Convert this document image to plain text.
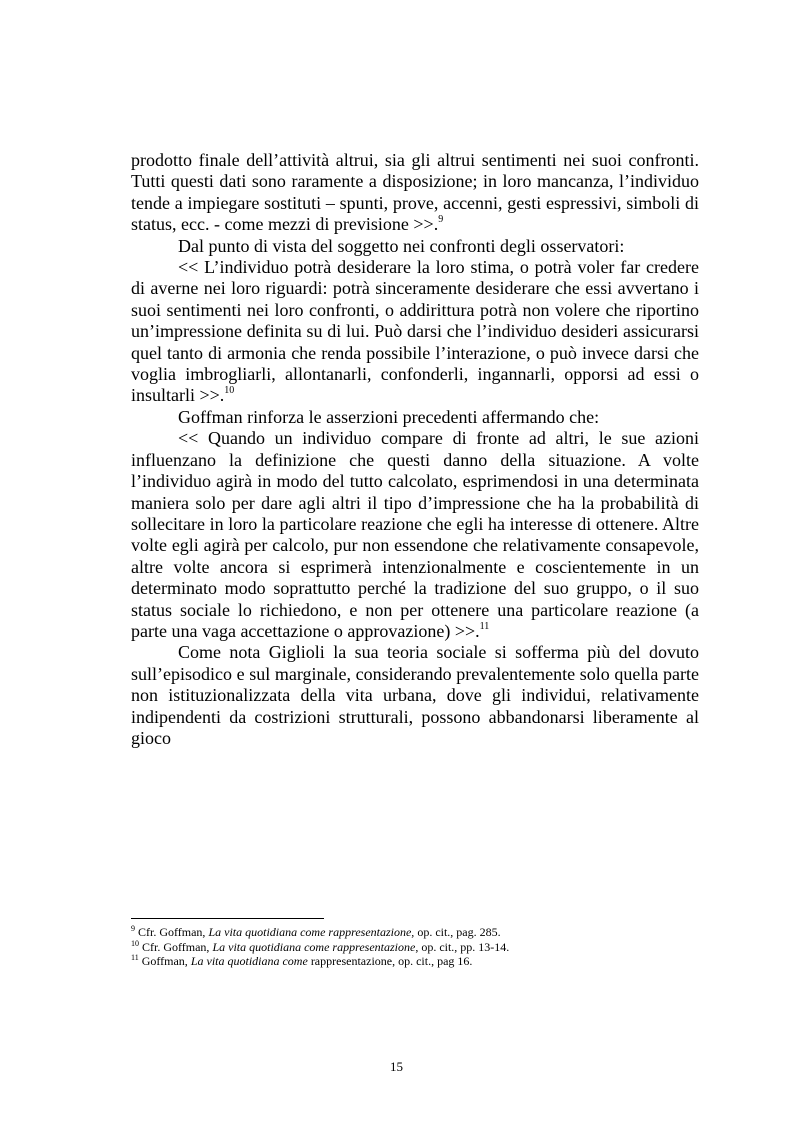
prodotto finale dell’attività altrui, sia gli altrui sentimenti nei suoi confronti. Tutti questi dati sono raramente a disposizione; in loro mancanza, l’individuo tende a impiegare sostituti – spunti, prove, accenni, gesti espressivi, simboli di status, ecc. - come mezzi di previsione >>.$^9$

Dal punto di vista del soggetto nei confronti degli osservatori:

<< L’individuo potrà desiderare la loro stima, o potrà voler far credere di averne nei loro riguardi: potrà sinceramente desiderare che essi avvertano i suoi sentimenti nei loro confronti, o addirittura potrà non volere che riportino un’impressione definita su di lui. Può darsi che l’individuo desideri assicurarsi quel tanto di armonia che renda possibile l’interazione, o può invece darsi che voglia imbrogliarli, allontanarli, confonderli, ingannarli, opporsi ad essi o insultarli >>.$^{10}$

Goffman rinforza le asserzioni precedenti affermando che:

<< Quando un individuo compare di fronte ad altri, le sue azioni influenzano la definizione che questi danno della situazione. A volte l’individuo agirà in modo del tutto calcolato, esprimendosi in una determinata maniera solo per dare agli altri il tipo d’impressione che ha la probabilità di sollecitare in loro la particolare reazione che egli ha interesse di ottenere. Altre volte egli agirà per calcolo, pur non essendone che relativamente consapevole, altre volte ancora si esprimerà intenzionalmente e coscientemente in un determinato modo soprattutto perché la tradizione del suo gruppo, o il suo status sociale lo richiedono, e non per ottenere una particolare reazione (a parte una vaga accettazione o approvazione) >>.$^{11}$

Come nota Giglioli la sua teoria sociale si sofferma più del dovuto sull’episodico e sul marginale, considerando prevalentemente solo quella parte non istituzionalizzata della vita urbana, dove gli individui, relativamente indipendenti da costrizioni strutturali, possono abbandonarsi liberamente al gioco

$^9$ Cfr. Goffman, La vita quotidiana come rappresentazione, op. cit., pag. 285.

$^{10}$ Cfr. Goffman, La vita quotidiana come rappresentazione, op. cit., pp. 13-14.

$^{11}$ Goffman, La vita quotidiana come rappresentazione, op. cit., pag 16.

15
